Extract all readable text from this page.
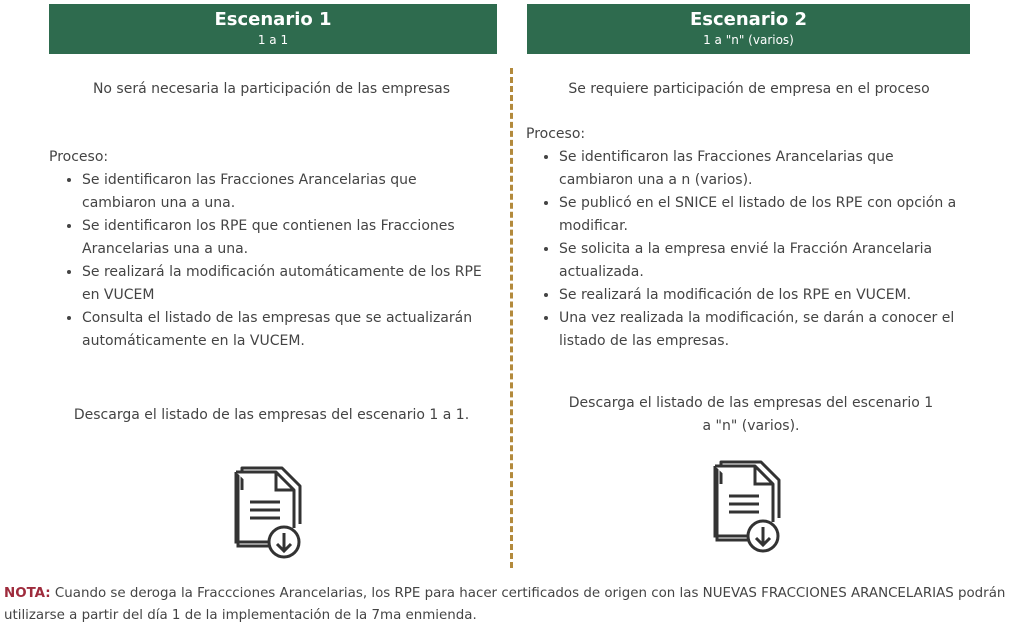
Escenario 1
1 a 1
Escenario 2
1 a "n" (varios)
No será necesaria la participación de las empresas
Proceso:
• Se identificaron las Fracciones Arancelarias que cambiaron una a una.
• Se identificaron los RPE que contienen las Fracciones Arancelarias una a una.
• Se realizará la modificación automáticamente de los RPE en VUCEM
• Consulta el listado de las empresas que se actualizarán automáticamente en la VUCEM.
Descarga el listado de las empresas del escenario 1 a 1.
Se requiere participación de empresa en el proceso
Proceso:
• Se identificaron las Fracciones Arancelarias que cambiaron una a n (varios).
• Se publicó en el SNICE el listado de los RPE con opción a modificar.
• Se solicita a la empresa envié la Fracción Arancelaria actualizada.
• Se realizará la modificación de los RPE en VUCEM.
• Una vez realizada la modificación, se darán a conocer el listado de las empresas.
Descarga el listado de las empresas del escenario 1 a "n" (varios).
NOTA: Cuando se deroga la Fraccciones Arancelarias, los RPE para hacer certificados de origen con las NUEVAS FRACCIONES ARANCELARIAS podrán utilizarse a partir del día 1 de la implementación de la 7ma enmienda.
